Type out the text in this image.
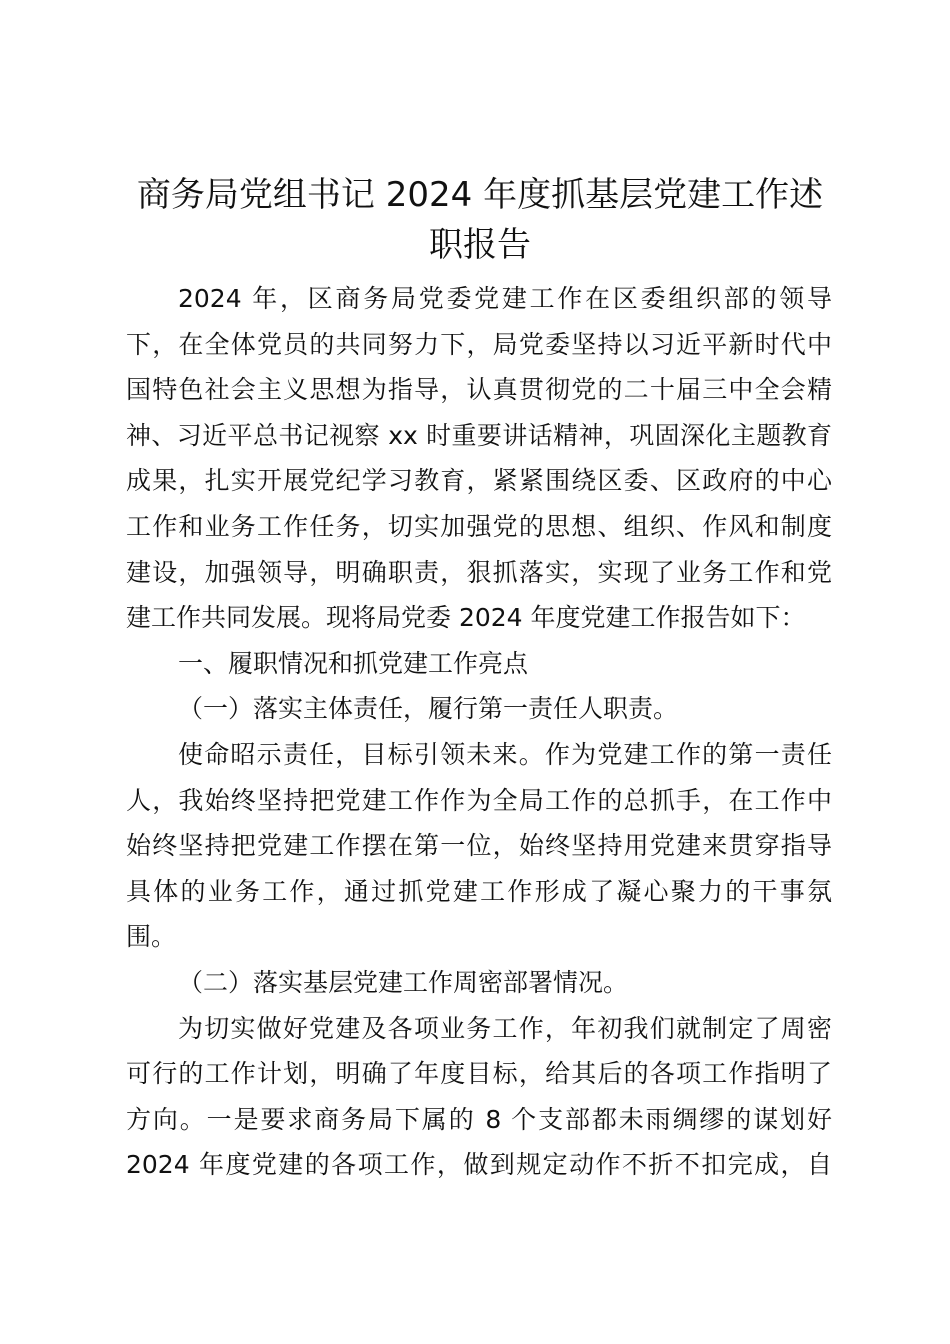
商务局党组书记 2024 年度抓基层党建工作述
职报告
2024 年，区商务局党委党建工作在区委组织部的领导
下，在全体党员的共同努力下，局党委坚持以习近平新时代中
国特色社会主义思想为指导，认真贯彻党的二十届三中全会精
神、习近平总书记视察 xx 时重要讲话精神，巩固深化主题教育
成果，扎实开展党纪学习教育，紧紧围绕区委、区政府的中心
工作和业务工作任务，切实加强党的思想、组织、作风和制度
建设，加强领导，明确职责，狠抓落实，实现了业务工作和党
建工作共同发展。现将局党委 2024 年度党建工作报告如下：
一、履职情况和抓党建工作亮点
（一）落实主体责任，履行第一责任人职责。
使命昭示责任，目标引领未来。作为党建工作的第一责任
人，我始终坚持把党建工作作为全局工作的总抓手，在工作中
始终坚持把党建工作摆在第一位，始终坚持用党建来贯穿指导
具体的业务工作，通过抓党建工作形成了凝心聚力的干事氛
围。
（二）落实基层党建工作周密部署情况。
为切实做好党建及各项业务工作，年初我们就制定了周密
可行的工作计划，明确了年度目标，给其后的各项工作指明了
方向。一是要求商务局下属的 8 个支部都未雨绸缪的谋划好
2024 年度党建的各项工作，做到规定动作不折不扣完成，自
